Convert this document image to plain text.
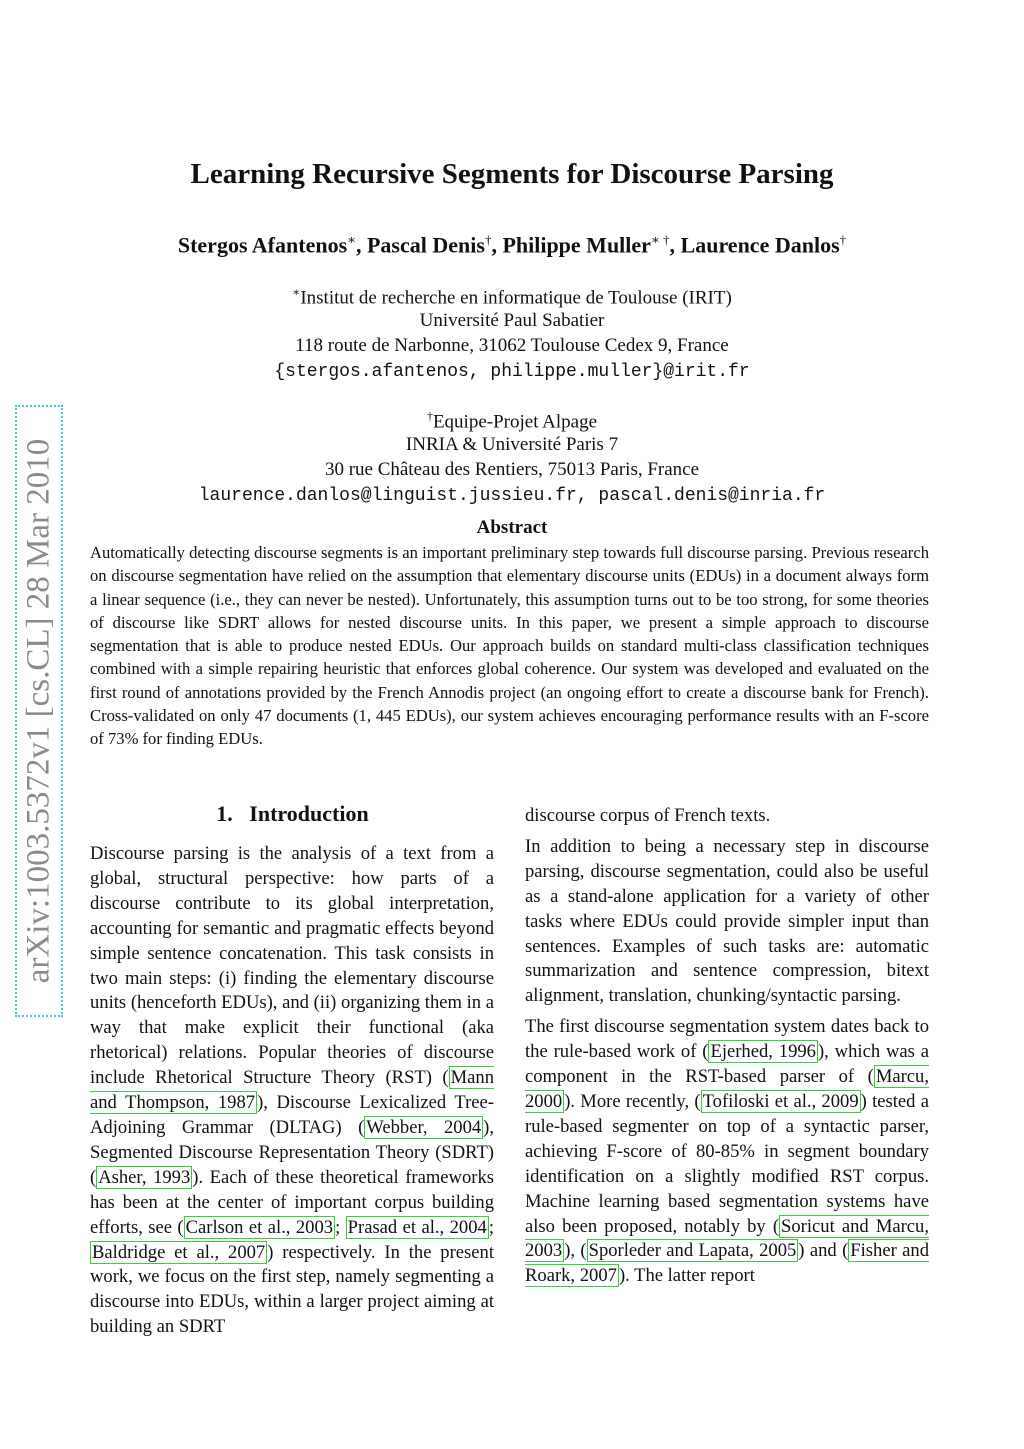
arXiv:1003.5372v1 [cs.CL] 28 Mar 2010
Learning Recursive Segments for Discourse Parsing
Stergos Afantenos∗, Pascal Denis†, Philippe Muller∗ †, Laurence Danlos†
∗Institut de recherche en informatique de Toulouse (IRIT)
Université Paul Sabatier
118 route de Narbonne, 31062 Toulouse Cedex 9, France
{stergos.afantenos, philippe.muller}@irit.fr
†Equipe-Projet Alpage
INRIA & Université Paris 7
30 rue Château des Rentiers, 75013 Paris, France
laurence.danlos@linguist.jussieu.fr, pascal.denis@inria.fr
Abstract
Automatically detecting discourse segments is an important preliminary step towards full discourse parsing. Previous research on discourse segmentation have relied on the assumption that elementary discourse units (EDUs) in a document always form a linear sequence (i.e., they can never be nested). Unfortunately, this assumption turns out to be too strong, for some theories of discourse like SDRT allows for nested discourse units. In this paper, we present a simple approach to discourse segmentation that is able to produce nested EDUs. Our approach builds on standard multi-class classification techniques combined with a simple repairing heuristic that enforces global coherence. Our system was developed and evaluated on the first round of annotations provided by the French Annodis project (an ongoing effort to create a discourse bank for French). Cross-validated on only 47 documents (1, 445 EDUs), our system achieves encouraging performance results with an F-score of 73% for finding EDUs.
1. Introduction

Discourse parsing is the analysis of a text from a global, structural perspective: how parts of a discourse contribute to its global interpretation, accounting for semantic and pragmatic effects beyond simple sentence concatenation. This task consists in two main steps: (i) finding the elementary discourse units (henceforth EDUs), and (ii) organizing them in a way that make explicit their functional (aka rhetorical) relations. Popular theories of discourse include Rhetorical Structure Theory (RST) ( Mann and Thompson, 1987 ), Discourse Lexicalized Tree-Adjoining Grammar (DLTAG) ( Webber, 2004 ), Segmented Discourse Representation Theory (SDRT) ( Asher, 1993 ). Each of these theoretical frameworks has been at the center of important corpus building efforts, see ( Carlson et al., 2003 ; Prasad et al., 2004 ; Baldridge et al., 2007 ) respectively. In the present work, we focus on the first step, namely segmenting a discourse into EDUs, within a larger project aiming at building an SDRT

discourse corpus of French texts.

In addition to being a necessary step in discourse parsing, discourse segmentation, could also be useful as a stand-alone application for a variety of other tasks where EDUs could provide simpler input than sentences. Examples of such tasks are: automatic summarization and sentence compression, bitext alignment, translation, chunking/syntactic parsing.

The first discourse segmentation system dates back to the rule-based work of ( Ejerhed, 1996 ), which was a component in the RST-based parser of ( Marcu, 2000 ). More recently, ( Tofiloski et al., 2009 ) tested a rule-based segmenter on top of a syntactic parser, achieving F-score of 80-85% in segment boundary identification on a slightly modified RST corpus. Machine learning based segmentation systems have also been proposed, notably by ( Soricut and Marcu, 2003 ), ( Sporleder and Lapata, 2005 ) and ( Fisher and Roark, 2007 ). The latter report
